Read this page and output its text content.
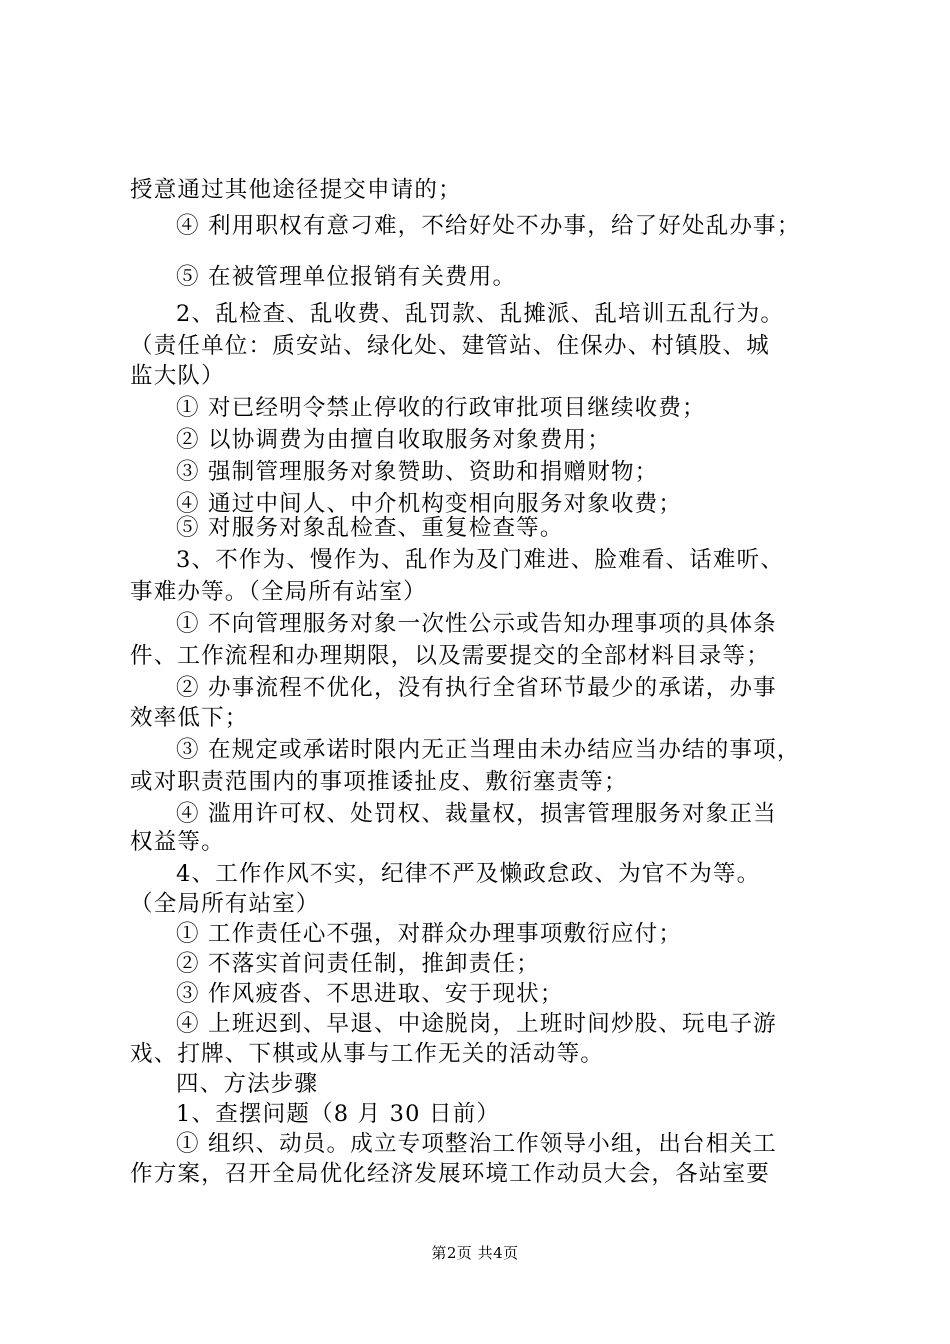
授意通过其他途径提交申请的；
④ 利用职权有意刁难，不给好处不办事，给了好处乱办事；
⑤ 在被管理单位报销有关费用。
2、乱检查、乱收费、乱罚款、乱摊派、乱培训五乱行为。
（责任单位：质安站、绿化处、建管站、住保办、村镇股、城
监大队）
① 对已经明令禁止停收的行政审批项目继续收费；
② 以协调费为由擅自收取服务对象费用；
③ 强制管理服务对象赞助、资助和捐赠财物；
④ 通过中间人、中介机构变相向服务对象收费；
⑤ 对服务对象乱检查、重复检查等。
3、不作为、慢作为、乱作为及门难进、脸难看、话难听、
事难办等。（全局所有站室）
① 不向管理服务对象一次性公示或告知办理事项的具体条
件、工作流程和办理期限，以及需要提交的全部材料目录等；
② 办事流程不优化，没有执行全省环节最少的承诺，办事
效率低下；
③ 在规定或承诺时限内无正当理由未办结应当办结的事项，
或对职责范围内的事项推诿扯皮、敷衍塞责等；
④ 滥用许可权、处罚权、裁量权，损害管理服务对象正当
权益等。
4、工作作风不实，纪律不严及懒政怠政、为官不为等。
（全局所有站室）
① 工作责任心不强，对群众办理事项敷衍应付；
② 不落实首问责任制，推卸责任；
③ 作风疲沓、不思进取、安于现状；
④ 上班迟到、早退、中途脱岗，上班时间炒股、玩电子游
戏、打牌、下棋或从事与工作无关的活动等。
四、方法步骤
1、查摆问题（8 月 30 日前）
① 组织、动员。成立专项整治工作领导小组，出台相关工
作方案，召开全局优化经济发展环境工作动员大会，各站室要
第2页 共4页
